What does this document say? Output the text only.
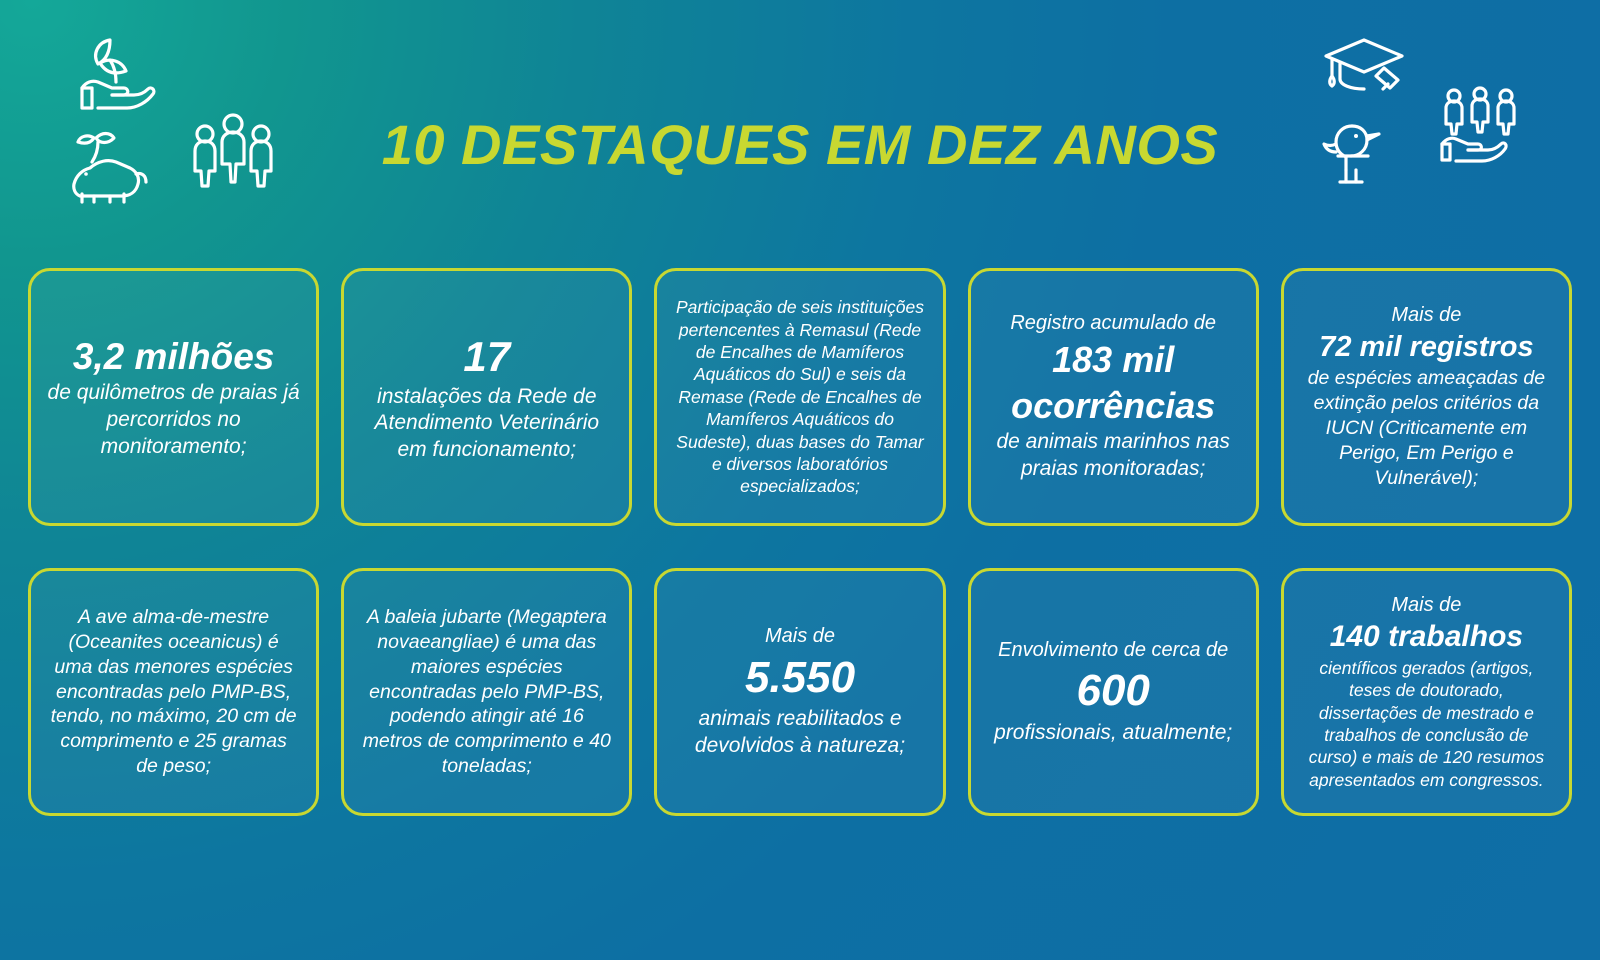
10 DESTAQUES EM DEZ ANOS

3,2 milhões

de quilômetros de praias já percorridos no monitoramento;

17

instalações da Rede de Atendimento Veterinário em funcionamento;

Participação de seis instituições pertencentes à Remasul (Rede de Encalhes de Mamíferos Aquáticos do Sul) e seis da Remase (Rede de Encalhes de Mamíferos Aquáticos do Sudeste), duas bases do Tamar e diversos laboratórios especializados;

Registro acumulado de

183 mil ocorrências

de animais marinhos nas praias monitoradas;

Mais de

72 mil registros

de espécies ameaçadas de extinção pelos critérios da IUCN (Criticamente em Perigo, Em Perigo e Vulnerável);

A ave alma-de-mestre (Oceanites oceanicus) é uma das menores espécies encontradas pelo PMP-BS, tendo, no máximo, 20 cm de comprimento e 25 gramas de peso;

A baleia jubarte (Megaptera novaeangliae) é uma das maiores espécies encontradas pelo PMP-BS, podendo atingir até 16 metros de comprimento e 40 toneladas;

Mais de

5.550

animais reabilitados e devolvidos à natureza;

Envolvimento de cerca de

600

profissionais, atualmente;

Mais de

140 trabalhos

científicos gerados (artigos, teses de doutorado, dissertações de mestrado e trabalhos de conclusão de curso) e mais de 120 resumos apresentados em congressos.
